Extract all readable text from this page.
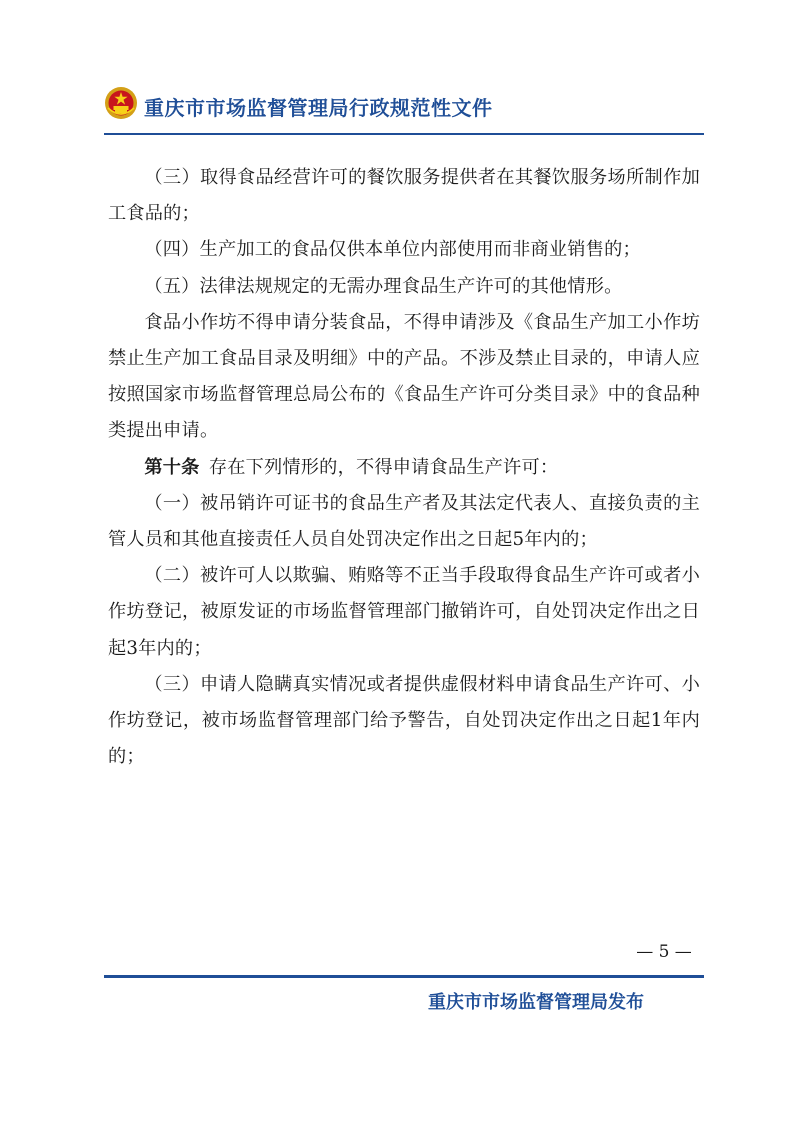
重庆市市场监督管理局行政规范性文件

（三）取得食品经营许可的餐饮服务提供者在其餐饮服务场所制作加工食品的；

（四）生产加工的食品仅供本单位内部使用而非商业销售的；

（五）法律法规规定的无需办理食品生产许可的其他情形。

食品小作坊不得申请分装食品，不得申请涉及《食品生产加工小作坊禁止生产加工食品目录及明细》中的产品。不涉及禁止目录的，申请人应按照国家市场监督管理总局公布的《食品生产许可分类目录》中的食品种类提出申请。

第十条  存在下列情形的，不得申请食品生产许可：

（一）被吊销许可证书的食品生产者及其法定代表人、直接负责的主管人员和其他直接责任人员自处罚决定作出之日起5年内的；

（二）被许可人以欺骗、贿赂等不正当手段取得食品生产许可或者小作坊登记，被原发证的市场监督管理部门撤销许可，自处罚决定作出之日起3年内的；

（三）申请人隐瞒真实情况或者提供虚假材料申请食品生产许可、小作坊登记，被市场监督管理部门给予警告，自处罚决定作出之日起1年内的；

— 5 —
重庆市市场监督管理局发布
